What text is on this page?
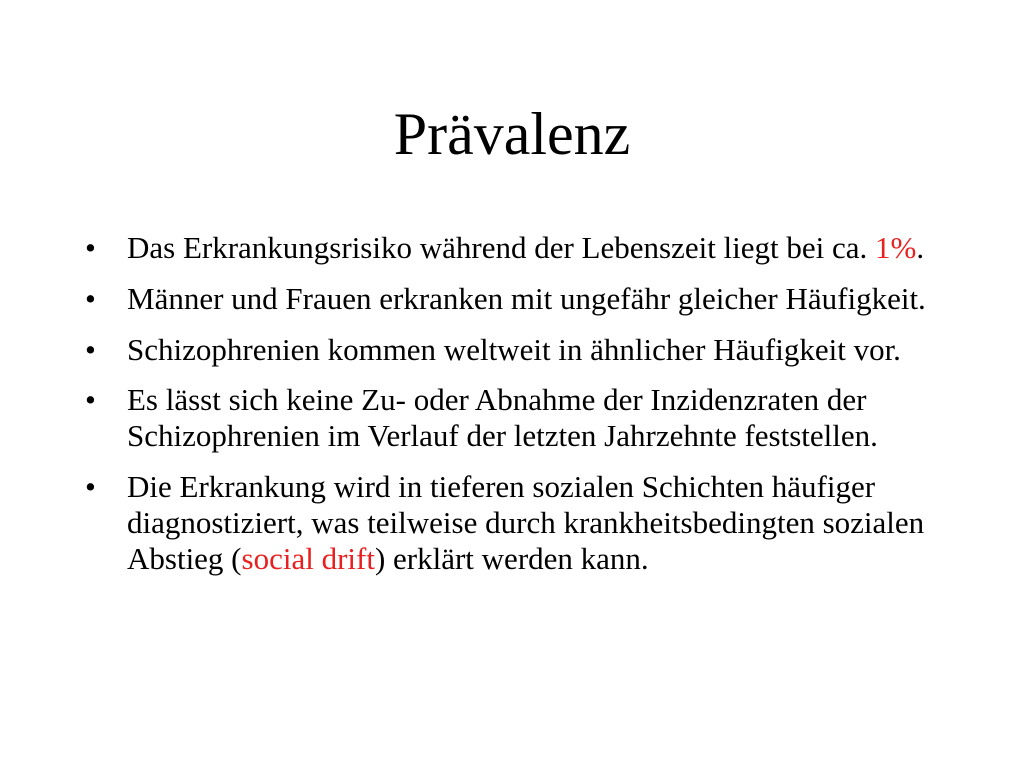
Prävalenz
• Das Erkrankungsrisiko während der Lebenszeit liegt bei ca. 1%.
• Männer und Frauen erkranken mit ungefähr gleicher Häufigkeit.
• Schizophrenien kommen weltweit in ähnlicher Häufigkeit vor.
• Es lässt sich keine Zu- oder Abnahme der Inzidenzraten der Schizophrenien im Verlauf der letzten Jahrzehnte feststellen.
• Die Erkrankung wird in tieferen sozialen Schichten häufiger diagnostiziert, was teilweise durch krankheitsbedingten sozialen Abstieg (social drift) erklärt werden kann.
